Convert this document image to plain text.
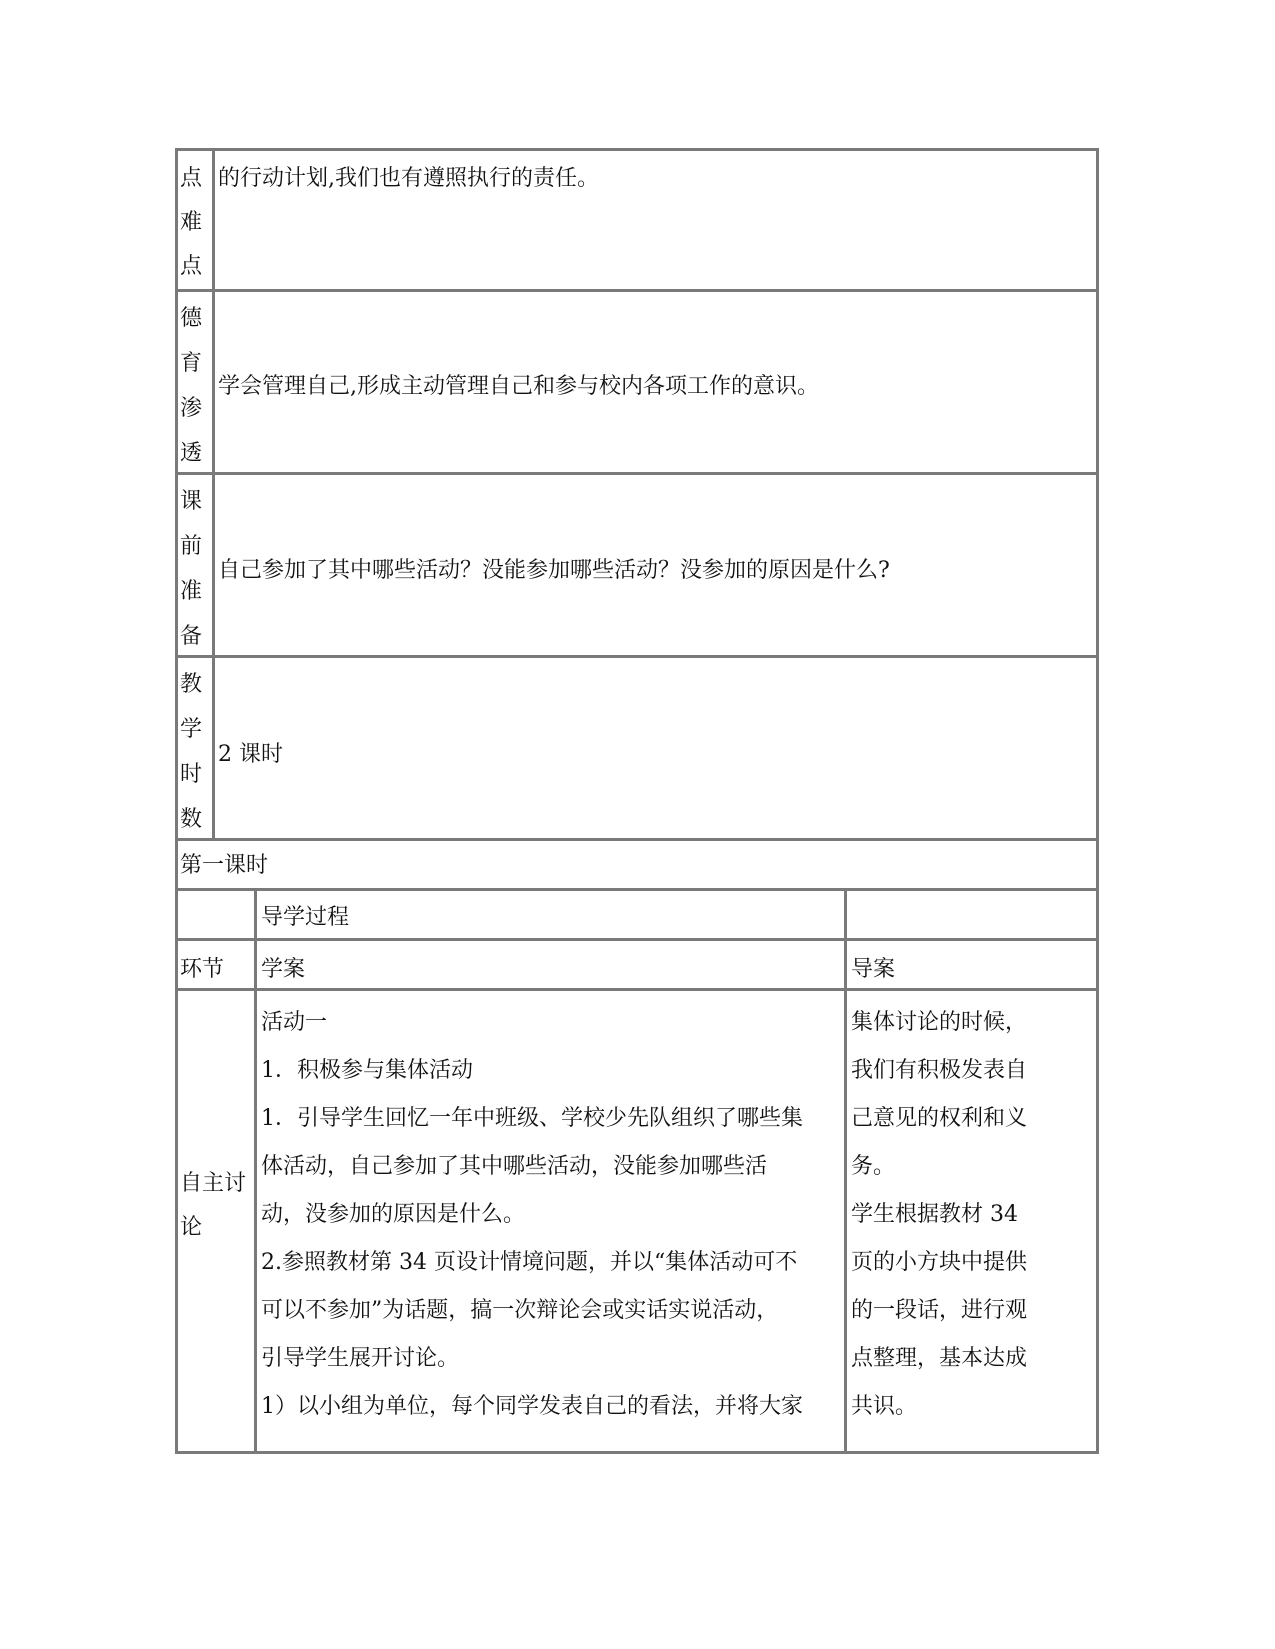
点
难
点
的行动计划,我们也有遵照执行的责任。
德
育
渗
透
学会管理自己,形成主动管理自己和参与校内各项工作的意识。
课
前
准
备
自己参加了其中哪些活动？没能参加哪些活动？没参加的原因是什么?
教
学
时
数
2 课时
第一课时
导学过程
环节 学案	导案
自主讨
论
活动一
1．积极参与集体活动
1．引导学生回忆一年中班级、学校少先队组织了哪些集
体活动，自己参加了其中哪些活动，没能参加哪些活
动，没参加的原因是什么。
2.参照教材第 34 页设计情境问题，并以“集体活动可不
可以不参加”为话题，搞一次辩论会或实话实说活动，
引导学生展开讨论。
1）以小组为单位，每个同学发表自己的看法，并将大家
集体讨论的时候，
我们有积极发表自
己意见的权利和义
务。
学生根据教材 34
页的小方块中提供
的一段话，进行观
点整理，基本达成
共识。
